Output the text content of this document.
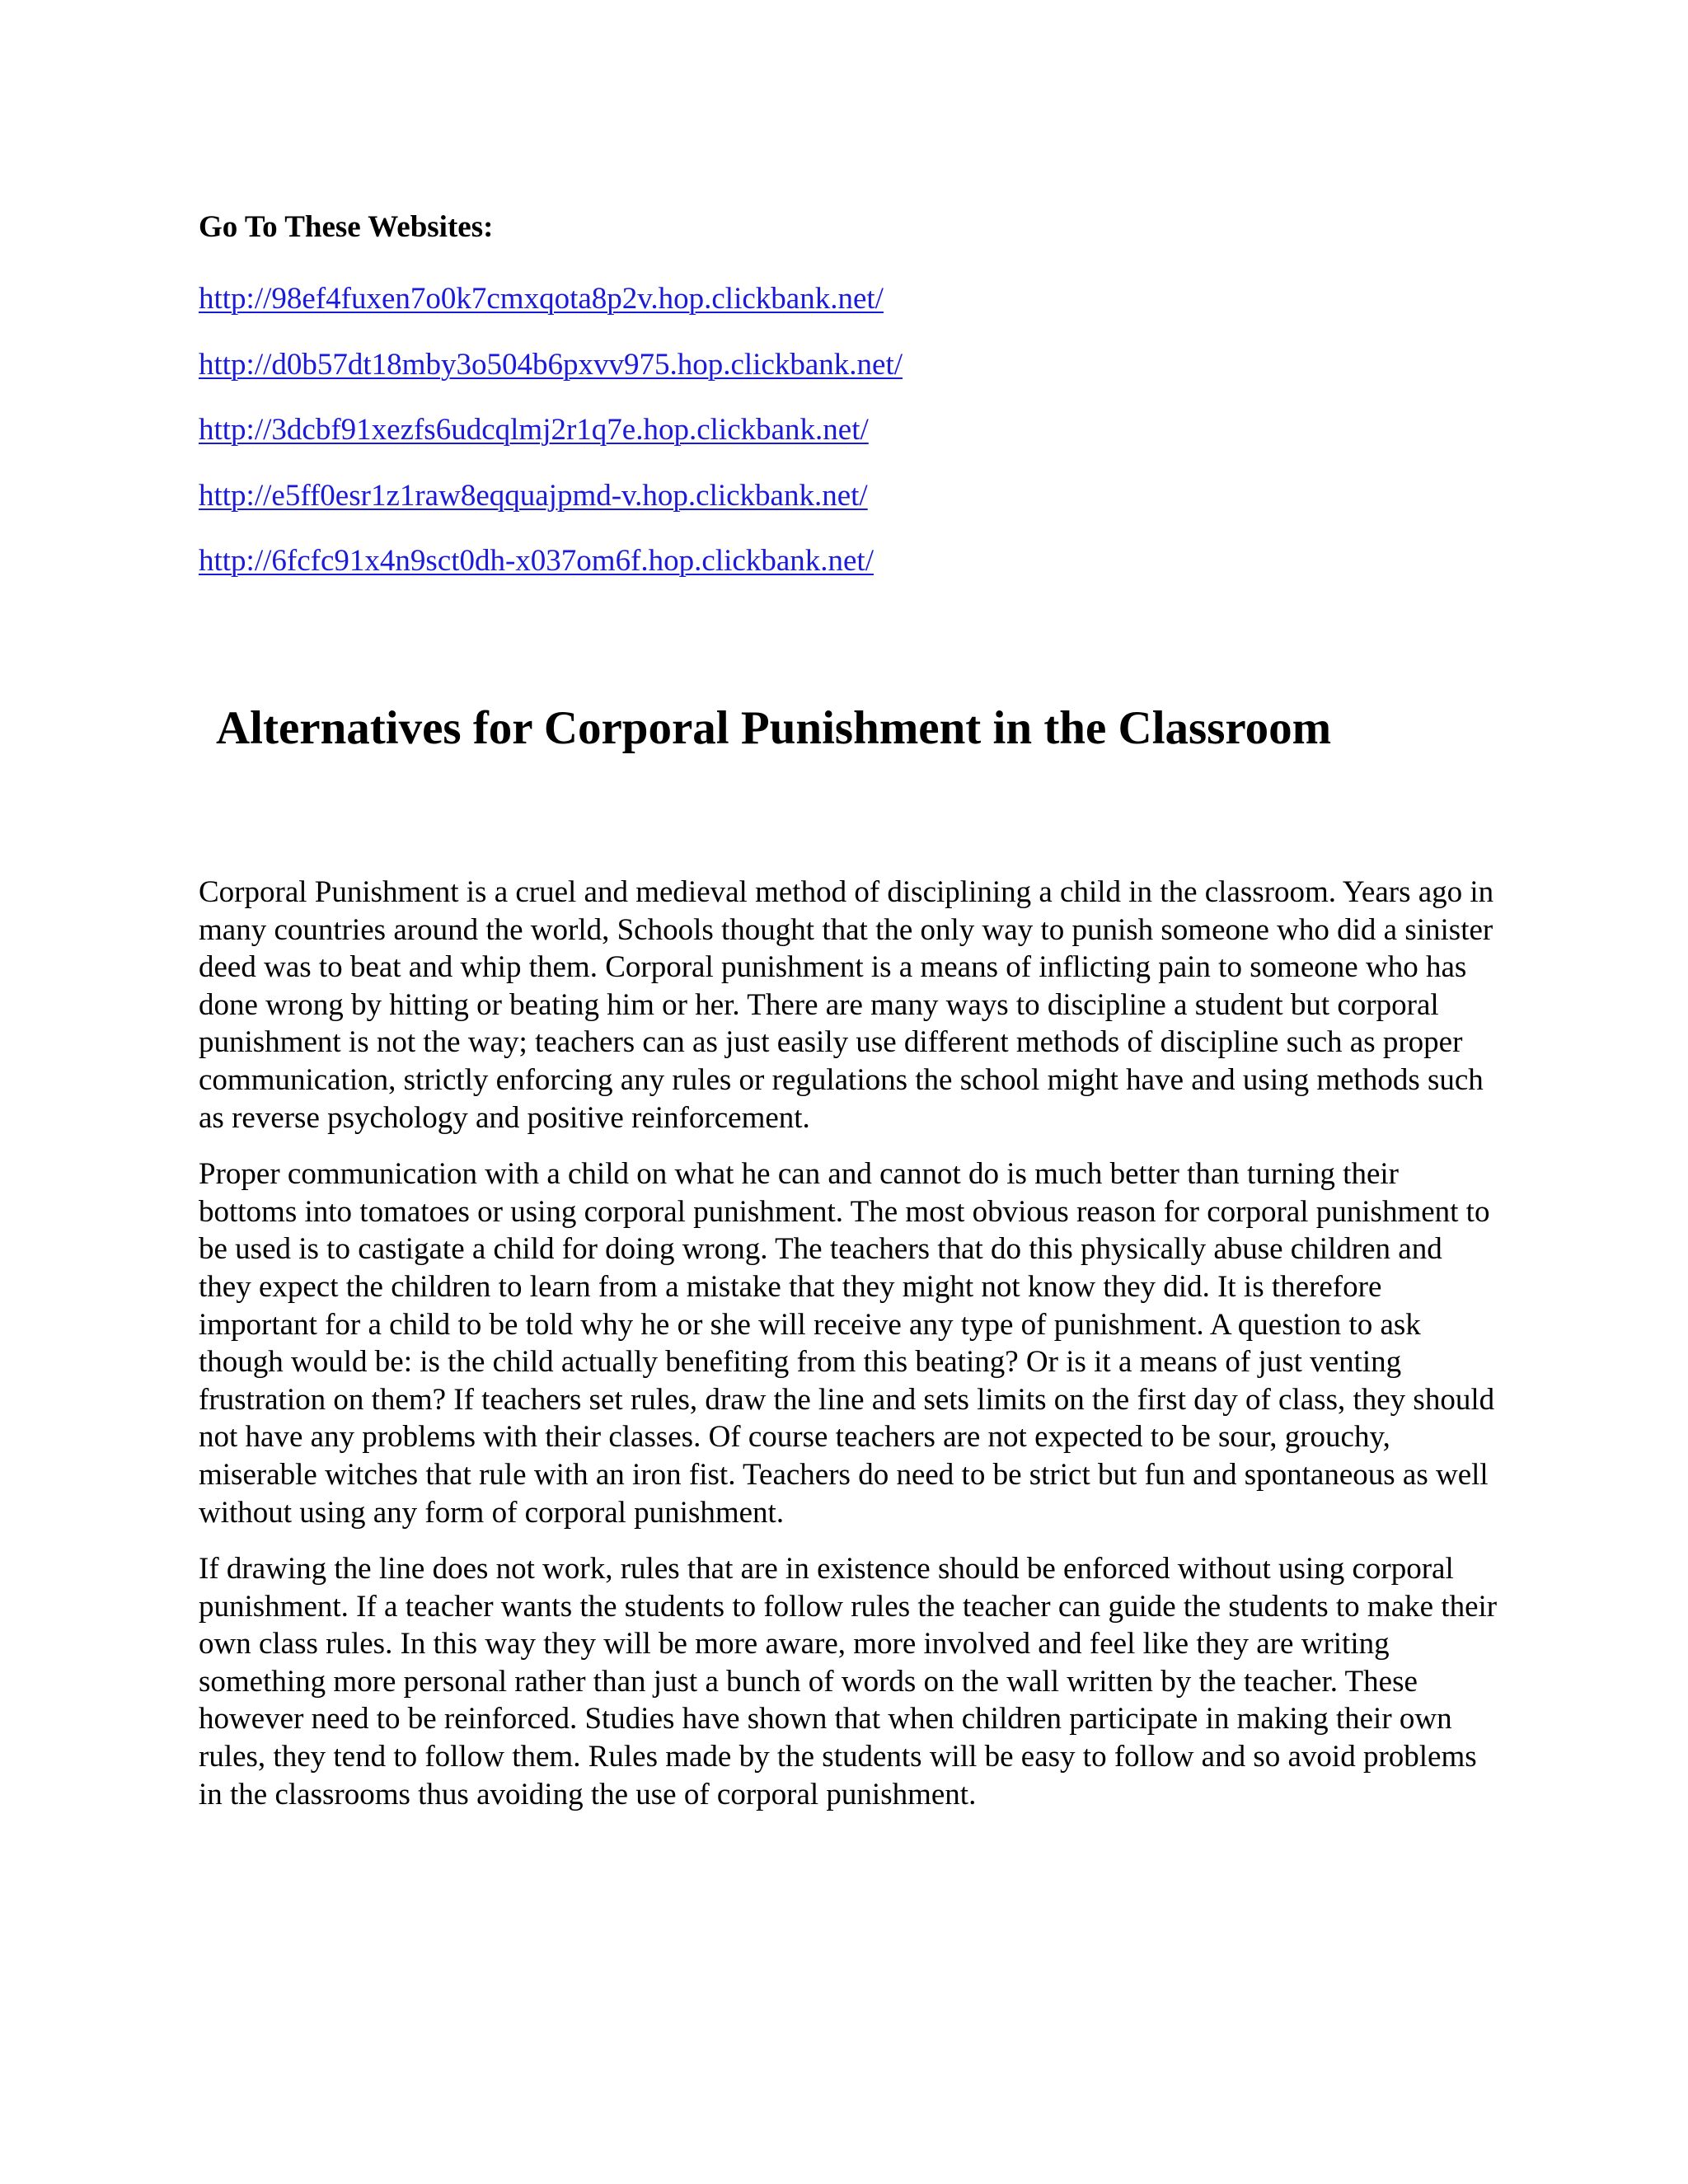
Go To These Websites:
http://98ef4fuxen7o0k7cmxqota8p2v.hop.clickbank.net/
http://d0b57dt18mby3o504b6pxvv975.hop.clickbank.net/
http://3dcbf91xezfs6udcqlmj2r1q7e.hop.clickbank.net/
http://e5ff0esr1z1raw8eqquajpmd-v.hop.clickbank.net/
http://6fcfc91x4n9sct0dh-x037om6f.hop.clickbank.net/
Alternatives for Corporal Punishment in the Classroom

Corporal Punishment is a cruel and medieval method of disciplining a child in the classroom. Years ago in many countries around the world, Schools thought that the only way to punish someone who did a sinister deed was to beat and whip them. Corporal punishment is a means of inflicting pain to someone who has done wrong by hitting or beating him or her. There are many ways to discipline a student but corporal punishment is not the way; teachers can as just easily use different methods of discipline such as proper communication, strictly enforcing any rules or regulations the school might have and using methods such as reverse psychology and positive reinforcement.

Proper communication with a child on what he can and cannot do is much better than turning their bottoms into tomatoes or using corporal punishment. The most obvious reason for corporal punishment to be used is to castigate a child for doing wrong. The teachers that do this physically abuse children and they expect the children to learn from a mistake that they might not know they did. It is therefore important for a child to be told why he or she will receive any type of punishment. A question to ask though would be: is the child actually benefiting from this beating? Or is it a means of just venting frustration on them? If teachers set rules, draw the line and sets limits on the first day of class, they should not have any problems with their classes. Of course teachers are not expected to be sour, grouchy, miserable witches that rule with an iron fist. Teachers do need to be strict but fun and spontaneous as well without using any form of corporal punishment.

If drawing the line does not work, rules that are in existence should be enforced without using corporal punishment. If a teacher wants the students to follow rules the teacher can guide the students to make their own class rules. In this way they will be more aware, more involved and feel like they are writing something more personal rather than just a bunch of words on the wall written by the teacher. These however need to be reinforced. Studies have shown that when children participate in making their own rules, they tend to follow them. Rules made by the students will be easy to follow and so avoid problems in the classrooms thus avoiding the use of corporal punishment.
